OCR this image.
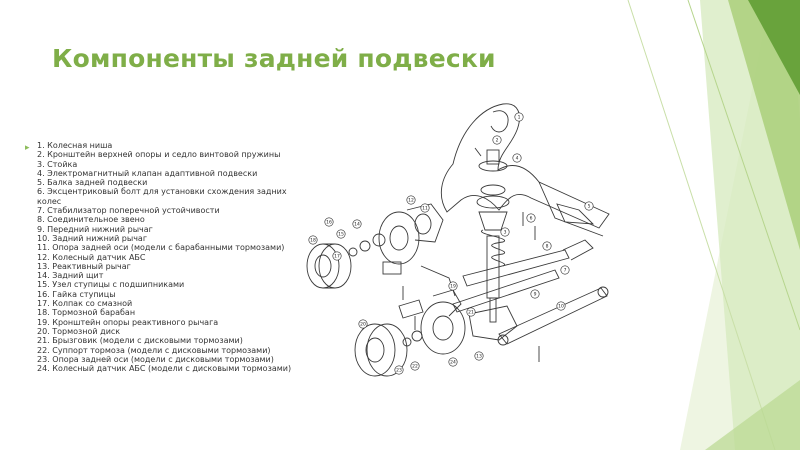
Компоненты задней подвески
▸ 1. Колесная ниша
2. Кронштейн верхней опоры и седло винтовой пружины
3. Стойка
4. Электромагнитный клапан адаптивной подвески
5. Балка задней подвески
6. Эксцентриковый болт для установки схождения задних колес
7. Стабилизатор поперечной устойчивости
8. Соединительное звено
9. Передний нижний рычаг
10. Задний нижний рычаг
11. Опора задней оси (модели с барабанными тормозами)
12. Колесный датчик АБС
13. Реактивный рычаг
14. Задний щит
15. Узел ступицы с подшипниками
16. Гайка ступицы
17. Колпак со смазной
18. Тормозной барабан
19. Кронштейн опоры реактивного рычага
20. Тормозной диск
21. Брызговик (модели с дисковыми тормозами)
22. Суппорт тормоза (модели с дисковыми тормозами)
23. Опора задней оси (модели с дисковыми тормозами)
24. Колесный датчик АБС (модели с дисковыми тормозами)
1
2
3
4
5
6
7
8
9
10
11
12
13
14
15
16
17
18
19
20
21
22
23
24
